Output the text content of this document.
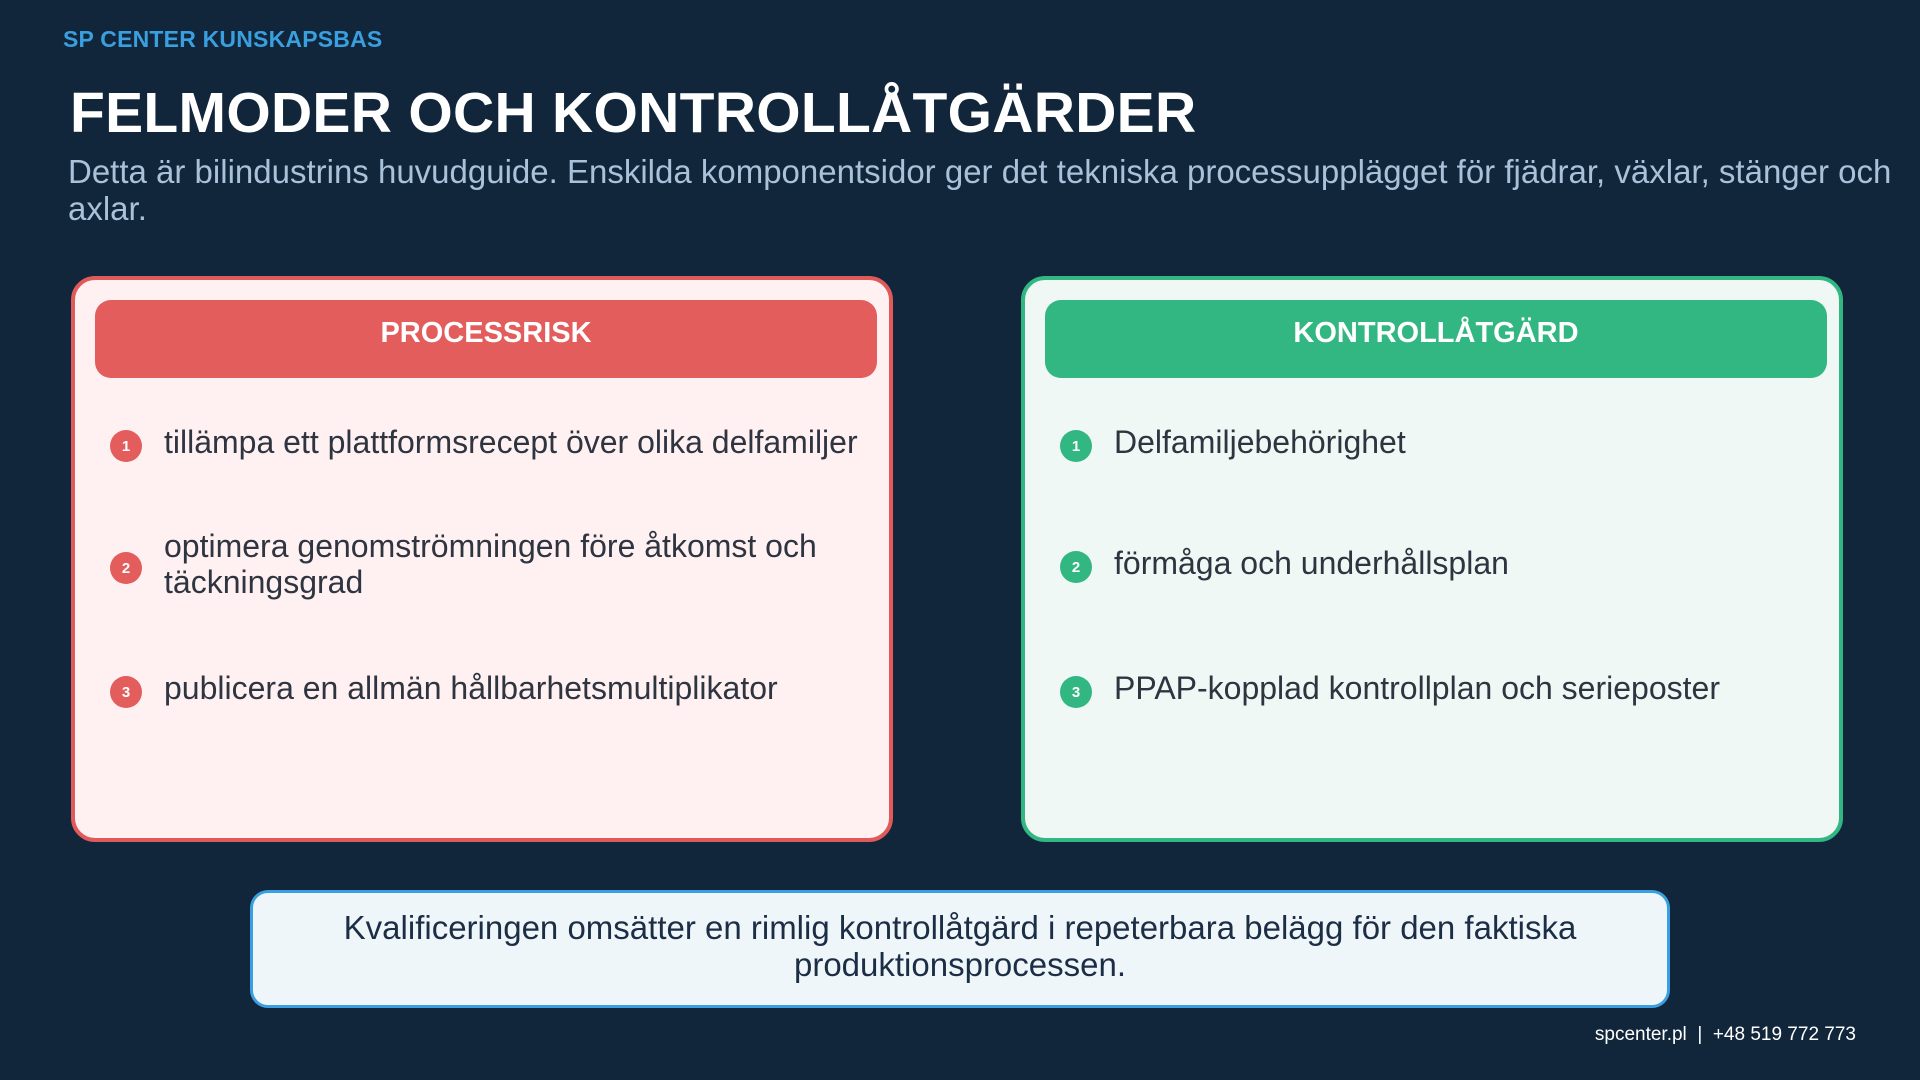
SP CENTER KUNSKAPSBAS
FELMODER OCH KONTROLLÅTGÄRDER
Detta är bilindustrins huvudguide. Enskilda komponentsidor ger det tekniska processupplägget för fjädrar, växlar, stänger och axlar.
PROCESSRISK
1	tillämpa ett plattformsrecept över olika delfamiljer
2
optimera genomströmningen före åtkomst och täckningsgrad
3	publicera en allmän hållbarhetsmultiplikator
KONTROLLÅTGÄRD
1	Delfamiljebehörighet
2	förmåga och underhållsplan
3	PPAP-kopplad kontrollplan och serieposter
Kvalificeringen omsätter en rimlig kontrollåtgärd i repeterbara belägg för den faktiska produktionsprocessen.
spcenter.pl  |  +48 519 772 773
